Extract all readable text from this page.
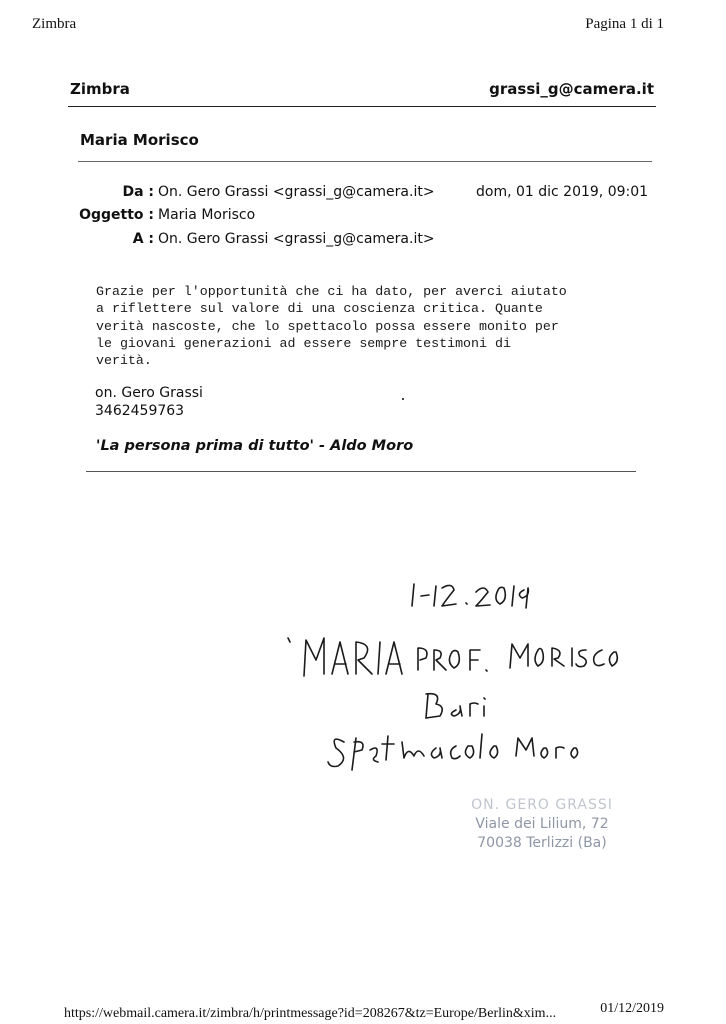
Zimbra	Pagina 1 di 1
Zimbra	grassi_g@camera.it
Maria Morisco
Da : On. Gero Grassi <grassi_g@camera.it>	dom, 01 dic 2019, 09:01
Oggetto : Maria Morisco
A : On. Gero Grassi <grassi_g@camera.it>
Grazie per l'opportunità che ci ha dato, per averci aiutato
a riflettere sul valore di una coscienza critica. Quante
verità nascoste, che lo spettacolo possa essere monito per
le giovani generazioni ad essere sempre testimoni di
verità.
on. Gero Grassi
3462459763
'La persona prima di tutto' - Aldo Moro
ON. GERO GRASSI
Viale dei Lilium, 72
70038 Terlizzi (Ba)
https://webmail.camera.it/zimbra/h/printmessage?id=208267&tz=Europe/Berlin&xim...	01/12/2019
